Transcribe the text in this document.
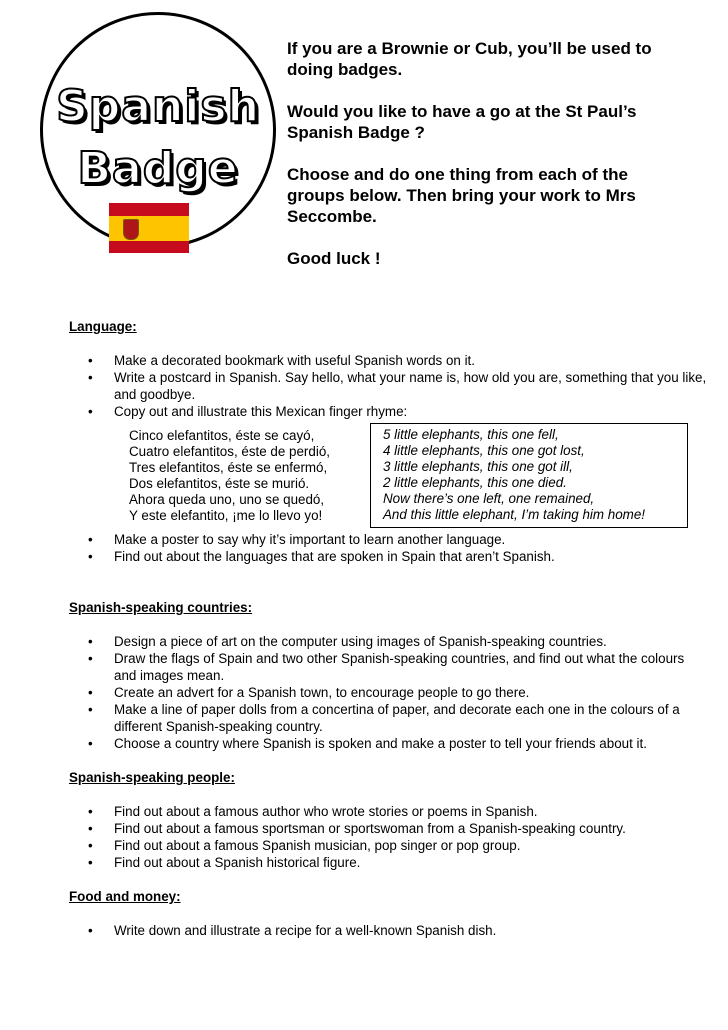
Spanish
Badge

If you are a Brownie or Cub, you’ll be used to doing badges.

Would you like to have a go at the St Paul’s Spanish Badge ?

Choose and do one thing from each of the groups below. Then bring your work to Mrs Seccombe.

Good luck !

Language:
• Make a decorated bookmark with useful Spanish words on it.
• Write a postcard in Spanish. Say hello, what your name is, how old you are, something that you like, and goodbye.
• Copy out and illustrate this Mexican finger rhyme:
Cinco elefantitos, éste se cayó,
Cuatro elefantitos, éste de perdió,
Tres elefantitos, éste se enfermó,
Dos elefantitos, éste se murió.
Ahora queda uno, uno se quedó,
Y este elefantito, ¡me lo llevo yo!
5 little elephants, this one fell,
4 little elephants, this one got lost,
3 little elephants, this one got ill,
2 little elephants, this one died.
Now there’s one left, one remained,
And this little elephant, I’m taking him home!
• Make a poster to say why it’s important to learn another language.
• Find out about the languages that are spoken in Spain that aren’t Spanish.
Spanish-speaking countries:
• Design a piece of art on the computer using images of Spanish-speaking countries.
• Draw the flags of Spain and two other Spanish-speaking countries, and find out what the colours and images mean.
• Create an advert for a Spanish town, to encourage people to go there.
• Make a line of paper dolls from a concertina of paper, and decorate each one in the colours of a different Spanish-speaking country.
• Choose a country where Spanish is spoken and make a poster to tell your friends about it.
Spanish-speaking people:
• Find out about a famous author who wrote stories or poems in Spanish.
• Find out about a famous sportsman or sportswoman from a Spanish-speaking country.
• Find out about a famous Spanish musician, pop singer or pop group.
• Find out about a Spanish historical figure.
Food and money:
• Write down and illustrate a recipe for a well-known Spanish dish.
